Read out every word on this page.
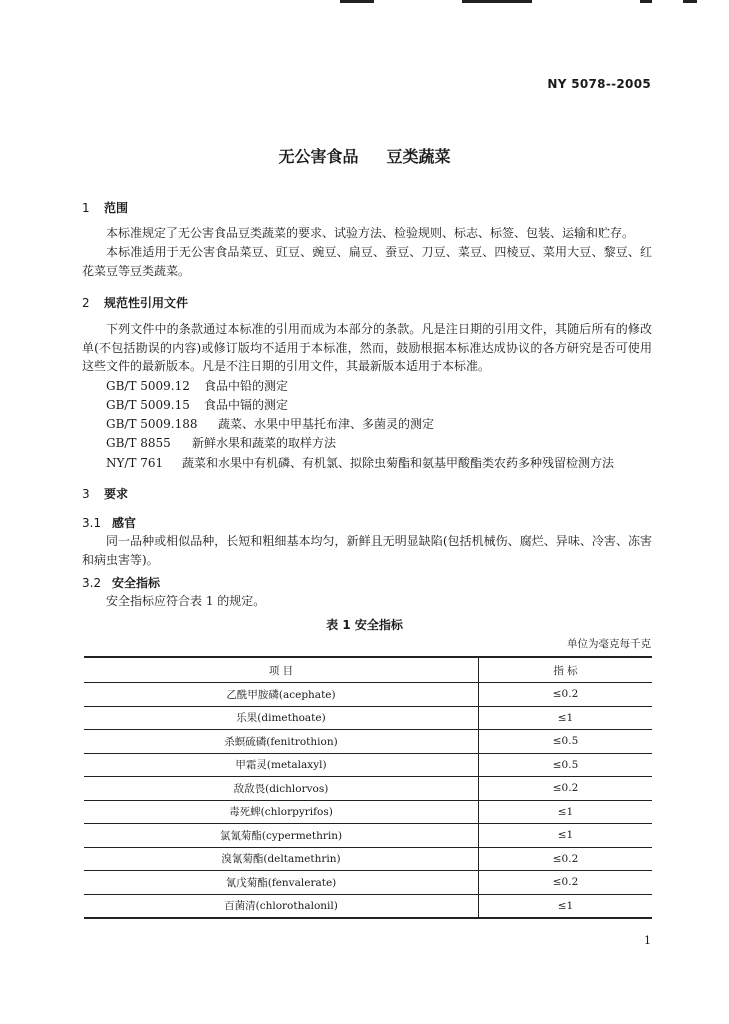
NY 5078--2005
无公害食品 豆类蔬菜
1 范围
本标准规定了无公害食品豆类蔬菜的要求、试验方法、检验规则、标志、标签、包装、运输和贮存。
本标准适用于无公害食品菜豆、豇豆、豌豆、扁豆、蚕豆、刀豆、菜豆、四棱豆、菜用大豆、黎豆、红花菜豆等豆类蔬菜。
2 规范性引用文件
下列文件中的条款通过本标准的引用而成为本部分的条款。凡是注日期的引用文件，其随后所有的修改单(不包括勘误的内容)或修订版均不适用于本标准，然而，鼓励根据本标准达成协议的各方研究是否可使用这些文件的最新版本。凡是不注日期的引用文件，其最新版本适用于本标准。
GB/T 5009.12 食品中铅的测定
GB/T 5009.15 食品中镉的测定
GB/T 5009.188 蔬菜、水果中甲基托布津、多菌灵的测定
GB/T 8855 新鲜水果和蔬菜的取样方法
NY/T 761 蔬菜和水果中有机磷、有机氯、拟除虫菊酯和氨基甲酸酯类农药多种残留检测方法
3 要求
3.1 感官
同一品种或相似品种，长短和粗细基本均匀，新鲜且无明显缺陷(包括机械伤、腐烂、异味、冷害、冻害和病虫害等)。
3.2 安全指标
安全指标应符合表 1 的规定。
表 1 安全指标
单位为毫克每千克
项 目	指 标
乙酰甲胺磷(acephate)	≤0.2
乐果(dimethoate)	≤1
杀螟硫磷(fenitrothion)	≤0.5
甲霜灵(metalaxyl)	≤0.5
敌敌畏(dichlorvos)	≤0.2
毒死蜱(chlorpyrifos)	≤1
氯氰菊酯(cypermethrin)	≤1
溴氰菊酯(deltamethrin)	≤0.2
氰戊菊酯(fenvalerate)	≤0.2
百菌清(chlorothalonil)	≤1
1
